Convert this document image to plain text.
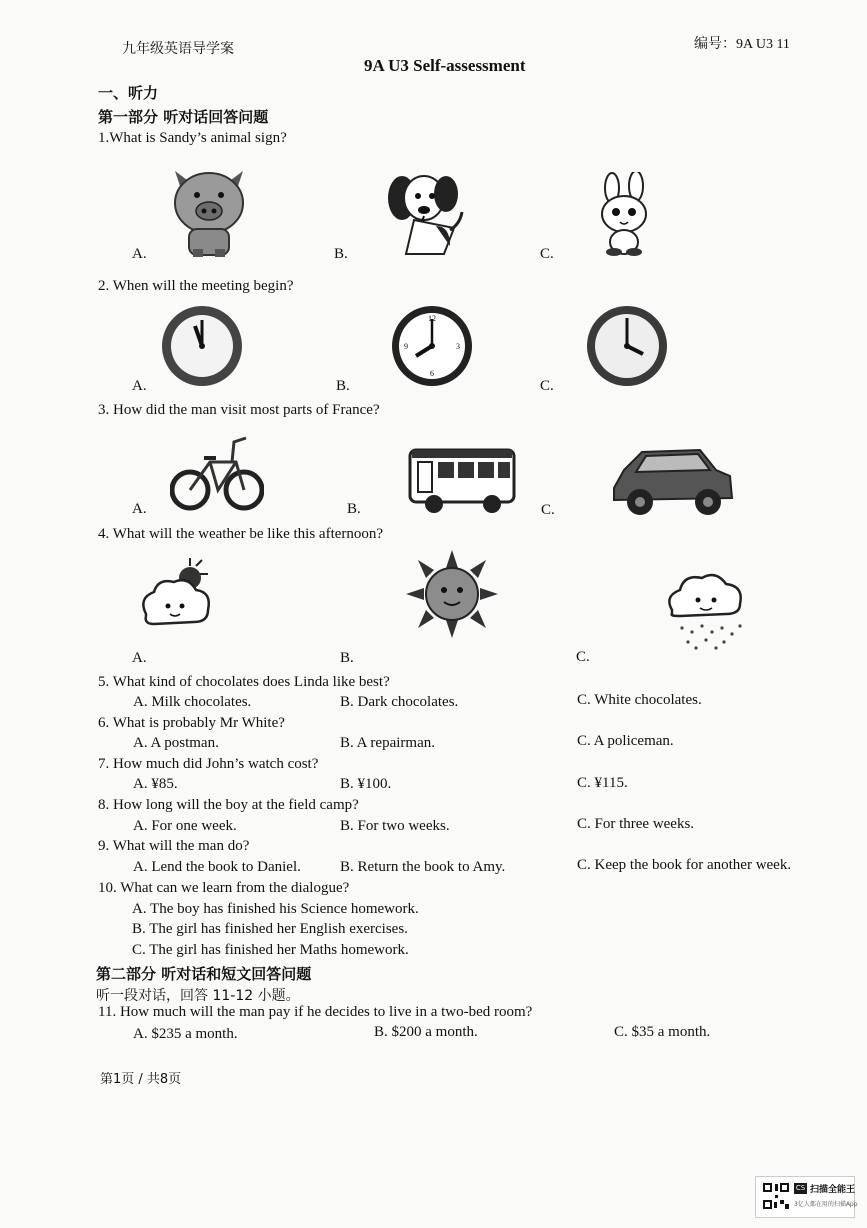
九年级英语导学案	编号：9A U3 11
9A U3 Self-assessment
一、听力
第一部分 听对话回答问题
1.What is Sandy’s animal sign?
A.	B.	C.
2. When will the meeting begin?
A.	B.	C.
12
3
6
9
3. How did the man visit most parts of France?
A.	B.	C.
4. What will the weather be like this afternoon?
A.	B.	C.
5. What kind of chocolates does Linda like best?
A. Milk chocolates.	B. Dark chocolates.	C. White chocolates.
6. What is probably Mr White?
A. A postman.	B. A repairman.	C. A policeman.
7. How much did John’s watch cost?
A. ¥85.	B. ¥100.	C. ¥115.
8. How long will the boy at the field camp?
A. For one week.	B. For two weeks.	C. For three weeks.
9. What will the man do?
A. Lend the book to Daniel.	B. Return the book to Amy.	C. Keep the book for another week.
10. What can we learn from the dialogue?
A. The boy has finished his Science homework.
B. The girl has finished her English exercises.
C. The girl has finished her Maths homework.
第二部分 听对话和短文回答问题
听一段对话，回答 11-12 小题。
11. How much will the man pay if he decides to live in a two-bed room?
A. $235 a month.	B. $200 a month.	C. $35 a month.
第1页 / 共8页
CS 扫描全能王
3亿人都在用的扫描App
